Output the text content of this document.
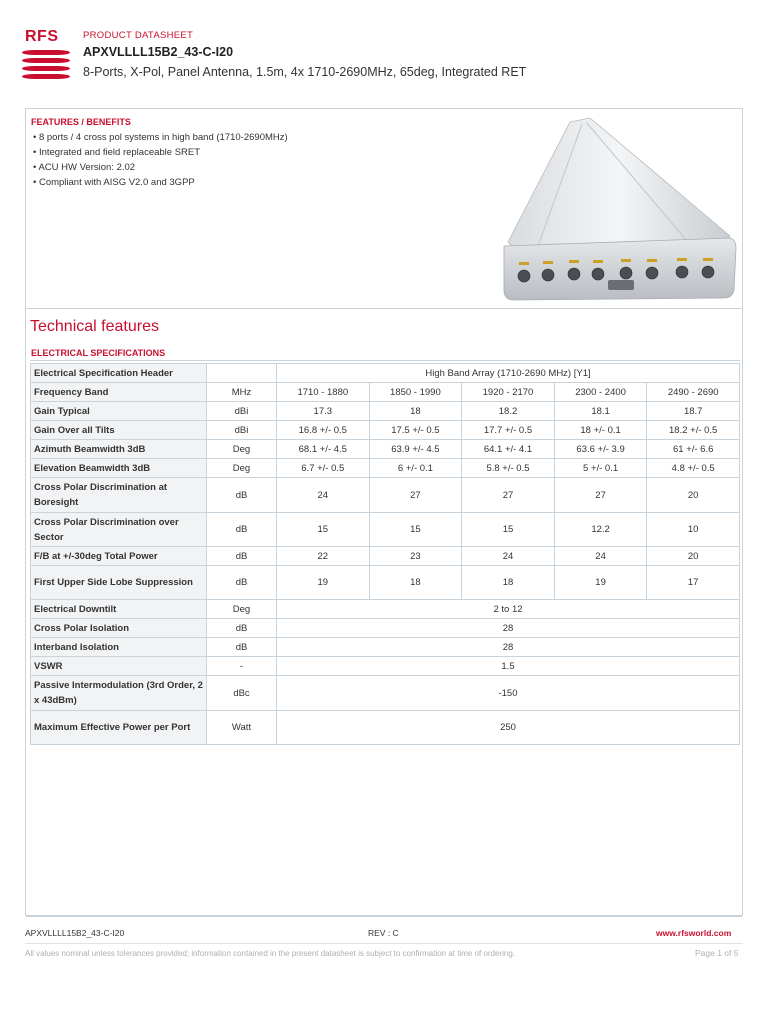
RFS	PRODUCT DATASHEET
APXVLLLL15B2_43-C-I20
8-Ports, X-Pol, Panel Antenna, 1.5m, 4x 1710-2690MHz, 65deg, Integrated RET
FEATURES / BENEFITS
• 8 ports / 4 cross pol systems in high band (1710-2690MHz)
• Integrated and field replaceable SRET
• ACU HW Version: 2.02
• Compliant with AISG V2.0 and 3GPP
Technical features
ELECTRICAL SPECIFICATIONS
Electrical Specification Header		High Band Array (1710-2690 MHz) [Y1]				
Frequency Band	MHz	1710 - 1880	1850 - 1990	1920 - 2170	2300 - 2400	2490 - 2690
Gain Typical	dBi	17.3	18	18.2	18.1	18.7
Gain Over all Tilts	dBi	16.8 +/- 0.5	17.5 +/- 0.5	17.7 +/- 0.5	18 +/- 0.1	18.2 +/- 0.5
Azimuth Beamwidth 3dB	Deg	68.1 +/- 4.5	63.9 +/- 4.5	64.1 +/- 4.1	63.6 +/- 3.9	61 +/- 6.6
Elevation Beamwidth 3dB	Deg	6.7 +/- 0.5	6 +/- 0.1	5.8 +/- 0.5	5 +/- 0.1	4.8 +/- 0.5
Cross Polar Discrimination at Boresight	dB	24	27	27	27	20
Cross Polar Discrimination over Sector	dB	15	15	15	12.2	10
F/B at +/-30deg Total Power	dB	22	23	24	24	20
First Upper Side Lobe Suppression	dB	19	18	18	19	17
Electrical Downtilt	Deg	2 to 12				
Cross Polar Isolation	dB	28				
Interband Isolation	dB	28				
VSWR	-	1.5				
Passive Intermodulation (3rd Order, 2 x 43dBm)	dBc	-150				
Maximum Effective Power per Port	Watt	250				
APXVLLLL15B2_43-C-I20	REV : C	www.rfsworld.com
All values nominal unless tolerances provided; information contained in the present datasheet is subject to confirmation at time of ordering.	Page 1 of 5
